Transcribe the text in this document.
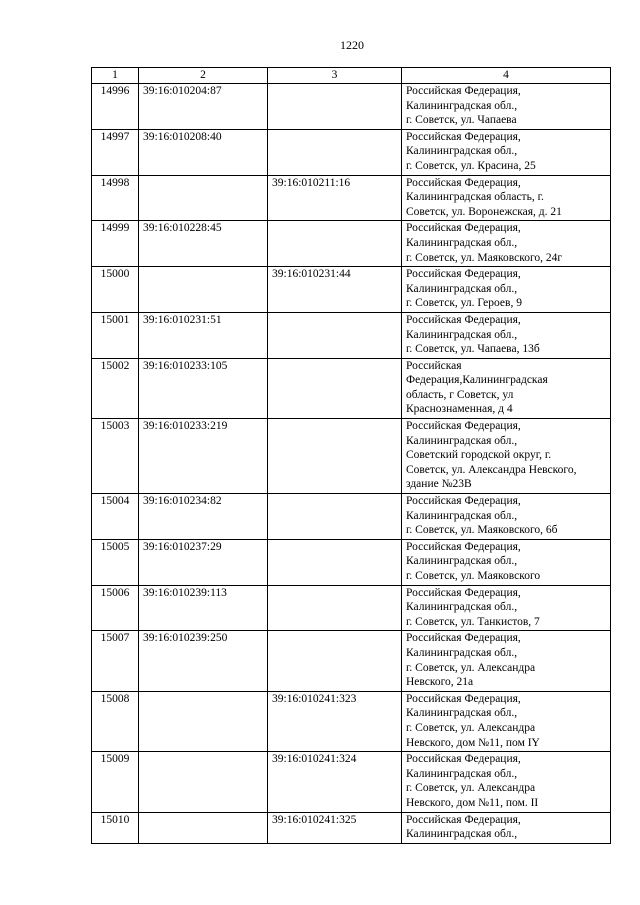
1220
1	2	3	4
14996	39:16:010204:87		Российская Федерация,
Калининградская обл.,
г. Советск, ул. Чапаева

14997	39:16:010208:40		Российская Федерация,
Калининградская обл.,
г. Советск, ул. Красина, 25

14998		39:16:010211:16	Российская Федерация,
Калининградская область, г.
Советск, ул. Воронежская, д. 21

14999	39:16:010228:45		Российская Федерация,
Калининградская обл.,
г. Советск, ул. Маяковского, 24г

15000		39:16:010231:44	Российская Федерация,
Калининградская обл.,
г. Советск, ул. Героев, 9

15001	39:16:010231:51		Российская Федерация,
Калининградская обл.,
г. Советск, ул. Чапаева, 13б

15002	39:16:010233:105		Российская
Федерация,Калининградская
область, г Советск, ул
Краснознаменная, д 4

15003	39:16:010233:219		Российская Федерация,
Калининградская обл.,
Советский городской округ, г.
Советск, ул. Александра Невского,
здание №23В

15004	39:16:010234:82		Российская Федерация,
Калининградская обл.,
г. Советск, ул. Маяковского, 6б

15005	39:16:010237:29		Российская Федерация,
Калининградская обл.,
г. Советск, ул. Маяковского

15006	39:16:010239:113		Российская Федерация,
Калининградская обл.,
г. Советск, ул. Танкистов, 7

15007	39:16:010239:250		Российская Федерация,
Калининградская обл.,
г. Советск, ул. Александра
Невского, 21а

15008		39:16:010241:323	Российская Федерация,
Калининградская обл.,
г. Советск, ул. Александра
Невского, дом №11, пом IY

15009		39:16:010241:324	Российская Федерация,
Калининградская обл.,
г. Советск, ул. Александра
Невского, дом №11, пом. II

15010		39:16:010241:325	Российская Федерация,
Калининградская обл.,
